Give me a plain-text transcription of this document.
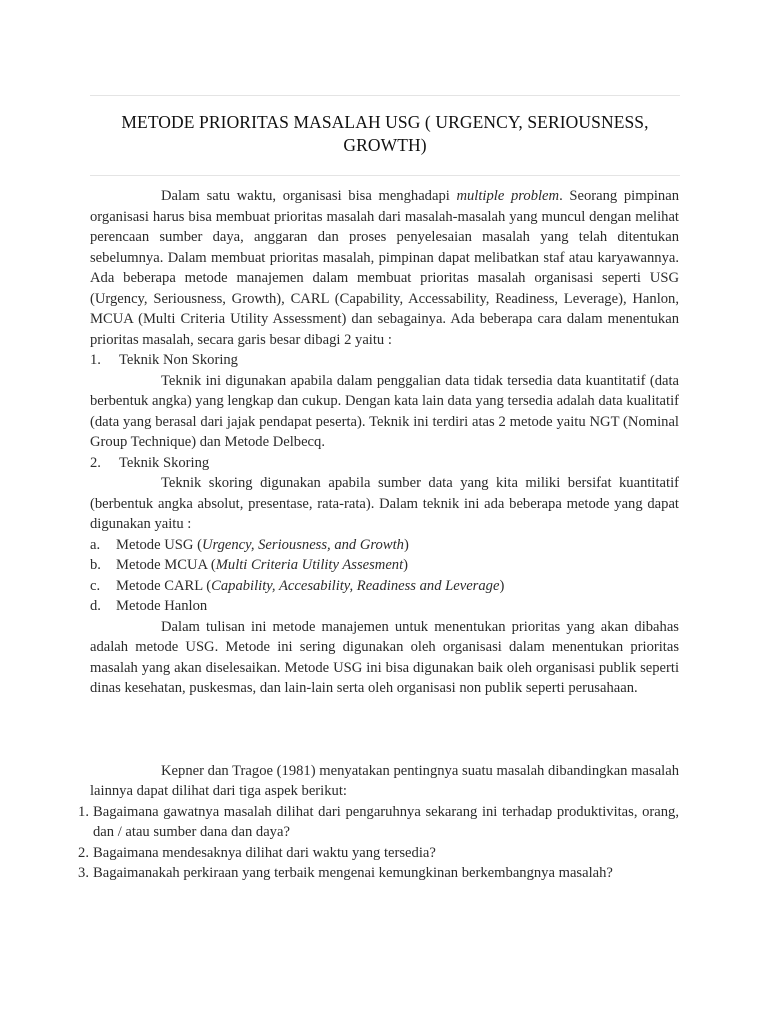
METODE PRIORITAS MASALAH USG ( URGENCY, SERIOUSNESS, GROWTH)

Dalam satu waktu, organisasi bisa menghadapi multiple problem. Seorang pimpinan organisasi harus bisa membuat prioritas masalah dari masalah-masalah yang muncul dengan melihat perencaan sumber daya, anggaran dan proses penyelesaian masalah yang telah ditentukan sebelumnya. Dalam membuat prioritas masalah, pimpinan dapat melibatkan staf atau karyawannya. Ada beberapa metode manajemen dalam membuat prioritas masalah organisasi seperti USG (Urgency, Seriousness, Growth), CARL (Capability, Accessability, Readiness, Leverage), Hanlon, MCUA (Multi Criteria Utility Assessment) dan sebagainya. Ada beberapa cara dalam menentukan prioritas masalah, secara garis besar dibagi 2 yaitu :

1.	Teknik Non Skoring

Teknik ini digunakan apabila dalam penggalian data tidak tersedia data kuantitatif (data berbentuk angka) yang lengkap dan cukup. Dengan kata lain data yang tersedia adalah data kualitatif (data yang berasal dari jajak pendapat peserta). Teknik ini terdiri atas 2 metode yaitu NGT (Nominal Group Technique) dan Metode Delbecq.

2.	Teknik Skoring

Teknik skoring digunakan apabila sumber data yang kita miliki bersifat kuantitatif (berbentuk angka absolut, presentase, rata-rata). Dalam teknik ini ada beberapa metode yang dapat digunakan yaitu :

a.	Metode USG (Urgency, Seriousness, and Growth)
b.	Metode MCUA (Multi Criteria Utility Assesment)
c.	Metode CARL (Capability, Accesability, Readiness and Leverage)
d.	Metode Hanlon

Dalam tulisan ini metode manajemen untuk menentukan prioritas yang akan dibahas adalah metode USG. Metode ini sering digunakan oleh organisasi dalam menentukan prioritas masalah yang akan diselesaikan. Metode USG ini bisa digunakan baik oleh organisasi publik seperti dinas kesehatan, puskesmas, dan lain-lain serta oleh organisasi non publik seperti perusahaan.

Kepner dan Tragoe (1981) menyatakan pentingnya suatu masalah dibandingkan masalah lainnya dapat dilihat dari tiga aspek berikut:

1. Bagaimana gawatnya masalah dilihat dari pengaruhnya sekarang ini terhadap produktivitas, orang, dan / atau sumber dana dan daya?
2. Bagaimana mendesaknya dilihat dari waktu yang tersedia?
3. Bagaimanakah perkiraan yang terbaik mengenai kemungkinan berkembangnya masalah?
